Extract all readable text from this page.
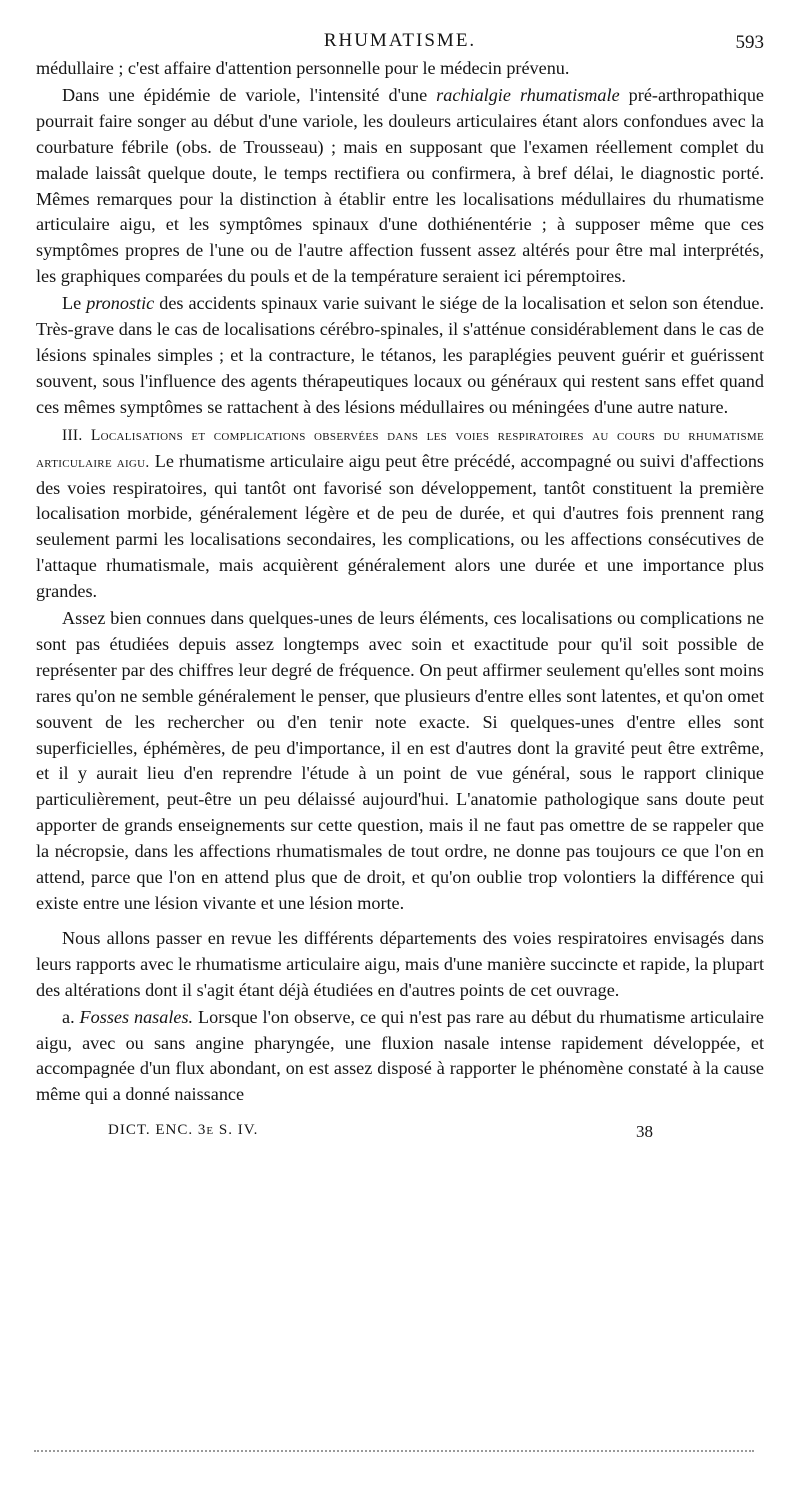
RHUMATISME.	593

médullaire ; c'est affaire d'attention personnelle pour le médecin prévenu.

Dans une épidémie de variole, l'intensité d'une rachialgie rhumatismale pré-arthropathique pourrait faire songer au début d'une variole, les douleurs articulaires étant alors confondues avec la courbature fébrile (obs. de Trousseau) ; mais en supposant que l'examen réellement complet du malade laissât quelque doute, le temps rectifiera ou confirmera, à bref délai, le diagnostic porté. Mêmes remarques pour la distinction à établir entre les localisations médullaires du rhumatisme articulaire aigu, et les symptômes spinaux d'une dothiénentérie ; à supposer même que ces symptômes propres de l'une ou de l'autre affection fussent assez altérés pour être mal interprétés, les graphiques comparées du pouls et de la température seraient ici péremptoires.

Le pronostic des accidents spinaux varie suivant le siége de la localisation et selon son étendue. Très-grave dans le cas de localisations cérébro-spinales, il s'atténue considérablement dans le cas de lésions spinales simples ; et la contracture, le tétanos, les paraplégies peuvent guérir et guérissent souvent, sous l'influence des agents thérapeutiques locaux ou généraux qui restent sans effet quand ces mêmes symptômes se rattachent à des lésions médullaires ou méningées d'une autre nature.

III. Localisations et complications observées dans les voies respiratoires au cours du rhumatisme articulaire aigu. Le rhumatisme articulaire aigu peut être précédé, accompagné ou suivi d'affections des voies respiratoires, qui tantôt ont favorisé son développement, tantôt constituent la première localisation morbide, généralement légère et de peu de durée, et qui d'autres fois prennent rang seulement parmi les localisations secondaires, les complications, ou les affections consécutives de l'attaque rhumatismale, mais acquièrent généralement alors une durée et une importance plus grandes.

Assez bien connues dans quelques-unes de leurs éléments, ces localisations ou complications ne sont pas étudiées depuis assez longtemps avec soin et exactitude pour qu'il soit possible de représenter par des chiffres leur degré de fréquence. On peut affirmer seulement qu'elles sont moins rares qu'on ne semble généralement le penser, que plusieurs d'entre elles sont latentes, et qu'on omet souvent de les rechercher ou d'en tenir note exacte. Si quelques-unes d'entre elles sont superficielles, éphémères, de peu d'importance, il en est d'autres dont la gravité peut être extrême, et il y aurait lieu d'en reprendre l'étude à un point de vue général, sous le rapport clinique particulièrement, peut-être un peu délaissé aujourd'hui. L'anatomie pathologique sans doute peut apporter de grands enseignements sur cette question, mais il ne faut pas omettre de se rappeler que la nécropsie, dans les affections rhumatismales de tout ordre, ne donne pas toujours ce que l'on en attend, parce que l'on en attend plus que de droit, et qu'on oublie trop volontiers la différence qui existe entre une lésion vivante et une lésion morte.

Nous allons passer en revue les différents départements des voies respiratoires envisagés dans leurs rapports avec le rhumatisme articulaire aigu, mais d'une manière succincte et rapide, la plupart des altérations dont il s'agit étant déjà étudiées en d'autres points de cet ouvrage.

a. Fosses nasales. Lorsque l'on observe, ce qui n'est pas rare au début du rhumatisme articulaire aigu, avec ou sans angine pharyngée, une fluxion nasale intense rapidement développée, et accompagnée d'un flux abondant, on est assez disposé à rapporter le phénomène constaté à la cause même qui a donné naissance

DICT. ENC. 3e S. IV.	38
